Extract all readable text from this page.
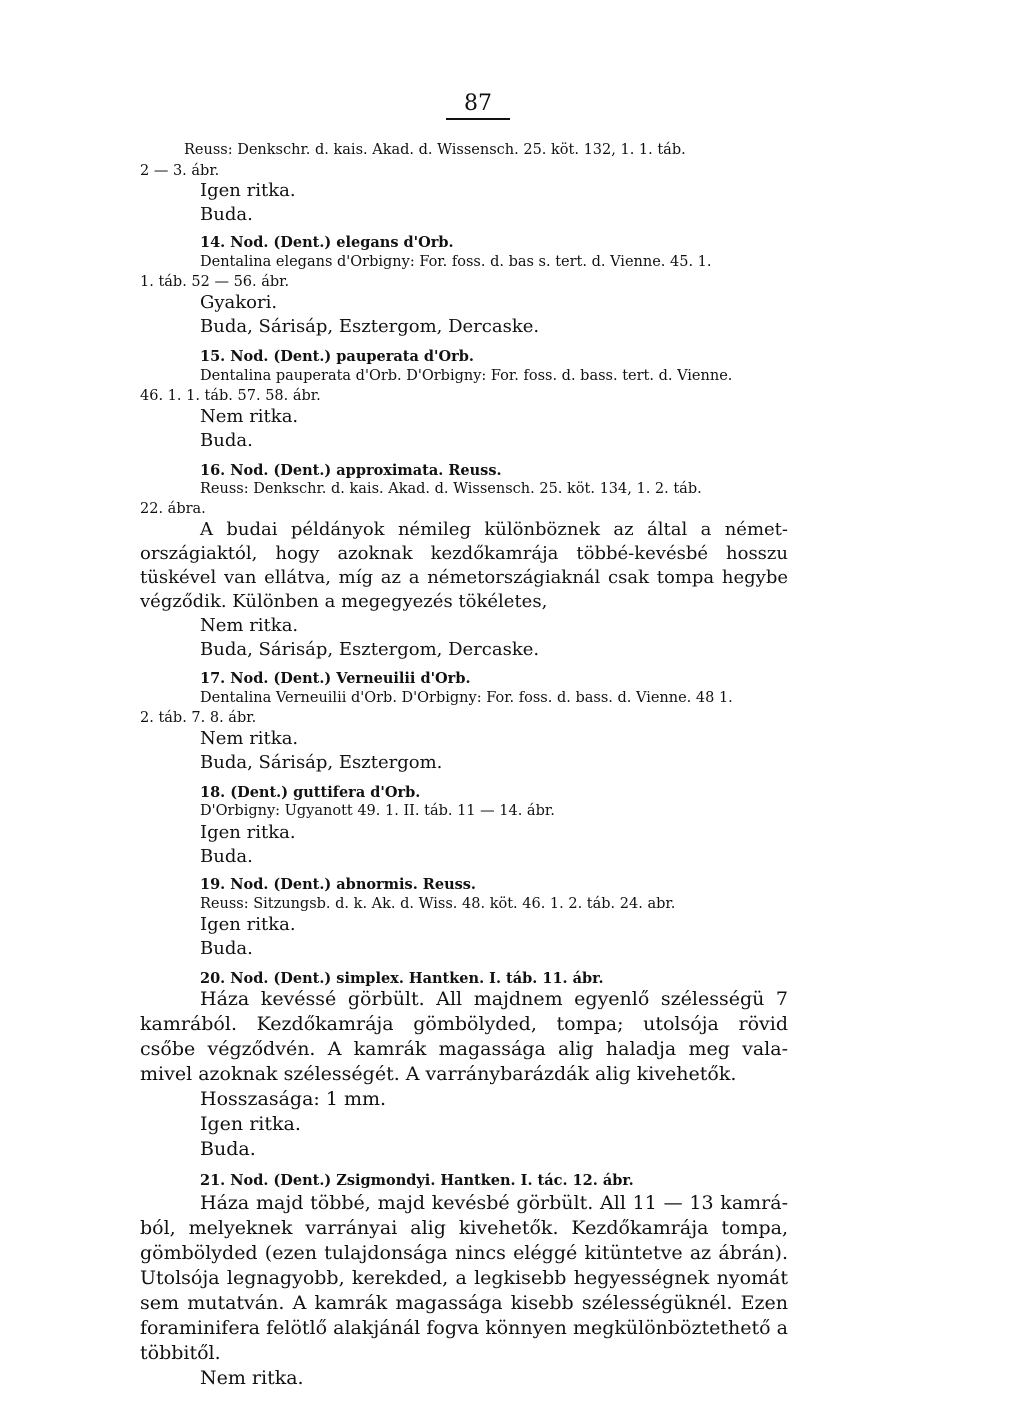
87
Reuss: Denkschr. d. kais. Akad. d. Wissensch. 25. köt. 132, 1. 1. táb.
2 — 3. ábr.
Igen ritka.
Buda.
14. Nod. (Dent.) elegans d'Orb.
Dentalina elegans d'Orbigny: For. foss. d. bas s. tert. d. Vienne. 45. 1.
1. táb. 52 — 56. ábr.
Gyakori.
Buda, Sárisáp, Esztergom, Dercaske.
15. Nod. (Dent.) pauperata d'Orb.
Dentalina pauperata d'Orb. D'Orbigny: For. foss. d. bass. tert. d. Vienne.
46. 1. 1. táb. 57. 58. ábr.
Nem ritka.
Buda.
16. Nod. (Dent.) approximata. Reuss.
Reuss: Denkschr. d. kais. Akad. d. Wissensch. 25. köt. 134, 1. 2. táb.
22. ábra.
A budai példányok némileg különböznek az által a német-
országiaktól, hogy azoknak kezdőkamrája többé-kevésbé hosszu
tüskével van ellátva, míg az a németországiaknál csak tompa hegybe
végződik. Különben a megegyezés tökéletes,
Nem ritka.
Buda, Sárisáp, Esztergom, Dercaske.
17. Nod. (Dent.) Verneuilii d'Orb.
Dentalina Verneuilii d'Orb. D'Orbigny: For. foss. d. bass. d. Vienne. 48 1.
2. táb. 7. 8. ábr.
Nem ritka.
Buda, Sárisáp, Esztergom.
18. (Dent.) guttifera d'Orb.
D'Orbigny: Ugyanott 49. 1. II. táb. 11 — 14. ábr.
Igen ritka.
Buda.
19. Nod. (Dent.) abnormis. Reuss.
Reuss: Sitzungsb. d. k. Ak. d. Wiss. 48. köt. 46. 1. 2. táb. 24. abr.
Igen ritka.
Buda.
20. Nod. (Dent.) simplex. Hantken. I. táb. 11. ábr.
Háza kevéssé görbült. All majdnem egyenlő szélességü 7
kamrából. Kezdőkamrája gömbölyded, tompa; utolsója rövid
csőbe végződvén. A kamrák magassága alig haladja meg vala-
mivel azoknak szélességét. A varránybarázdák alig kivehetők.
Hosszasága: 1 mm.
Igen ritka.
Buda.
21. Nod. (Dent.) Zsigmondyi. Hantken. I. tác. 12. ábr.
Háza majd többé, majd kevésbé görbült. All 11 — 13 kamrá-
ból, melyeknek varrányai alig kivehetők. Kezdőkamrája tompa,
gömbölyded (ezen tulajdonsága nincs eléggé kitüntetve az ábrán).
Utolsója legnagyobb, kerekded, a legkisebb hegyességnek nyomát
sem mutatván. A kamrák magassága kisebb szélességüknél. Ezen
foraminifera felötlő alakjánál fogva könnyen megkülönböztethető a
többitől.
Nem ritka.
